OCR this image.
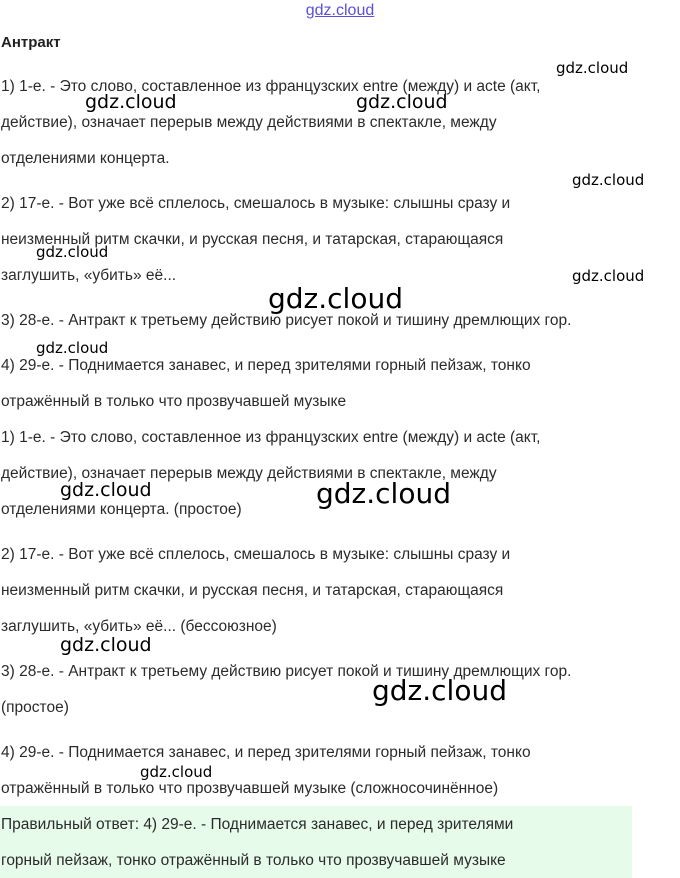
gdz.cloud
Антракт
1) 1-е. - Это слово, составленное из французских entre (между) и acte (акт,
действие), означает перерыв между действиями в спектакле, между
отделениями концерта.
2) 17-е. - Вот уже всё сплелось, смешалось в музыке: слышны сразу и
неизменный ритм скачки, и русская песня, и татарская, старающаяся
заглушить, «убить» её...
3) 28-е. - Антракт к третьему действию рисует покой и тишину дремлющих гор.
4) 29-е. - Поднимается занавес, и перед зрителями горный пейзаж, тонко
отражённый в только что прозвучавшей музыке
1) 1-е. - Это слово, составленное из французских entre (между) и acte (акт,
действие), означает перерыв между действиями в спектакле, между
отделениями концерта. (простое)
2) 17-е. - Вот уже всё сплелось, смешалось в музыке: слышны сразу и
неизменный ритм скачки, и русская песня, и татарская, старающаяся
заглушить, «убить» её... (бессоюзное)
3) 28-е. - Антракт к третьему действию рисует покой и тишину дремлющих гор.
(простое)
4) 29-е. - Поднимается занавес, и перед зрителями горный пейзаж, тонко
отражённый в только что прозвучавшей музыке (сложносочинённое)
Правильный ответ: 4) 29-е. - Поднимается занавес, и перед зрителями
горный пейзаж, тонко отражённый в только что прозвучавшей музыке
gdz.cloud
gdz.cloud	gdz.cloud
gdz.cloud
gdz.cloud
gdz.cloud
gdz.cloud
gdz.cloud
gdz.cloud	gdz.cloud
gdz.cloud
gdz.cloud
gdz.cloud
